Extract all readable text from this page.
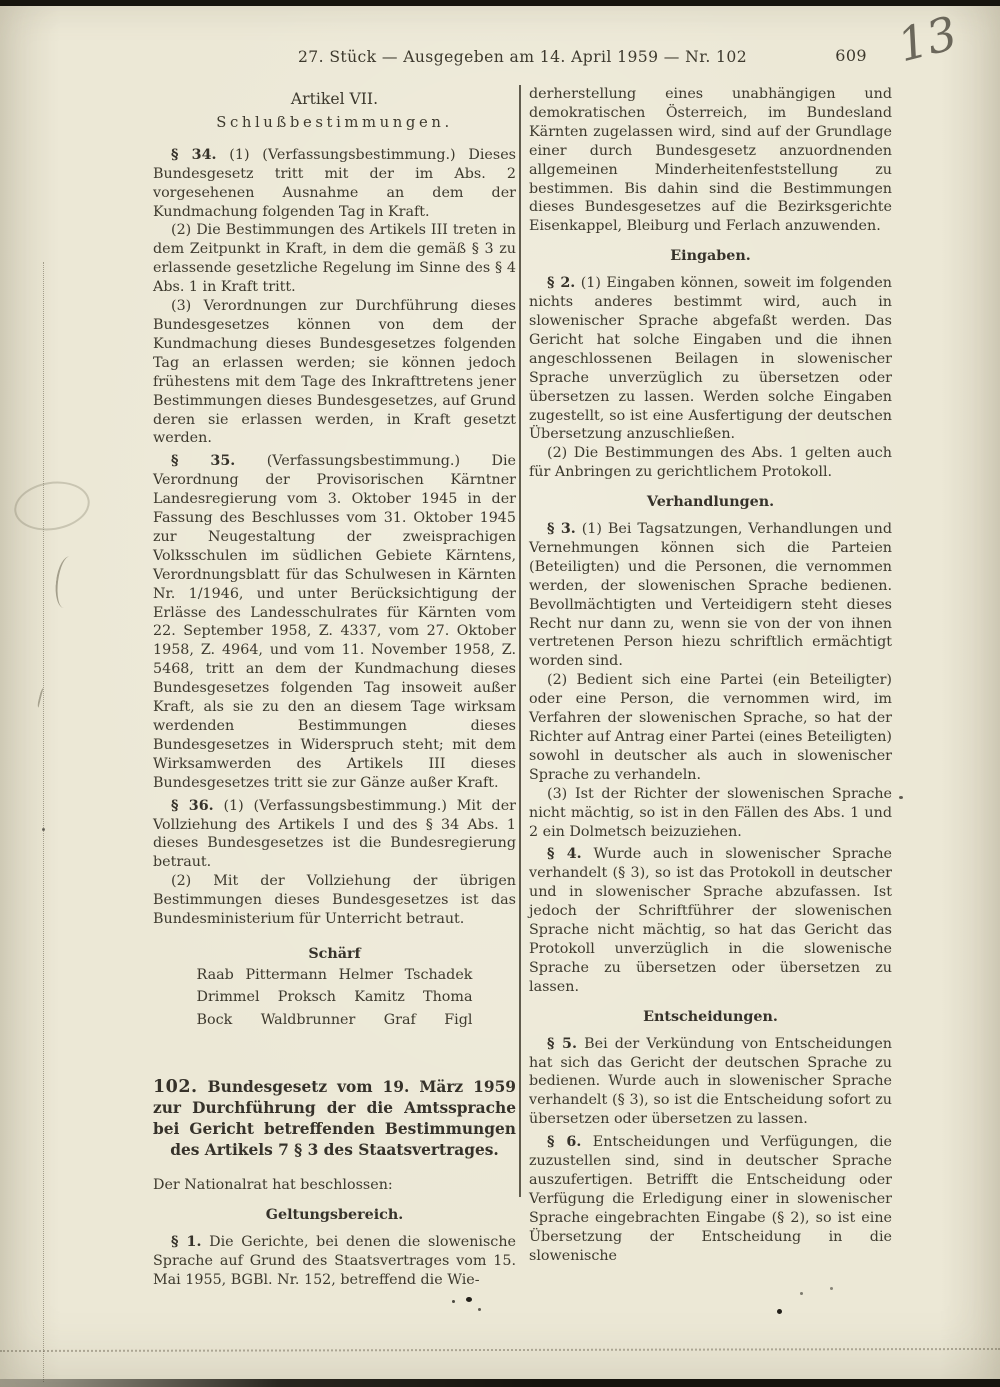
13
27. Stück — Ausgegeben am 14. April 1959 — Nr. 102	609
Artikel VII.
Schlußbestimmungen.
§ 34. (1) (Verfassungsbestimmung.) Dieses Bundesgesetz tritt mit der im Abs. 2 vorgesehenen Ausnahme an dem der Kundmachung folgenden Tag in Kraft.
(2) Die Bestimmungen des Artikels III treten in dem Zeitpunkt in Kraft, in dem die gemäß § 3 zu erlassende gesetzliche Regelung im Sinne des § 4 Abs. 1 in Kraft tritt.
(3) Verordnungen zur Durchführung dieses Bundesgesetzes können von dem der Kundmachung dieses Bundesgesetzes folgenden Tag an erlassen werden; sie können jedoch frühestens mit dem Tage des Inkrafttretens jener Bestimmungen dieses Bundesgesetzes, auf Grund deren sie erlassen werden, in Kraft gesetzt werden.
§ 35. (Verfassungsbestimmung.) Die Verordnung der Provisorischen Kärntner Landesregierung vom 3. Oktober 1945 in der Fassung des Beschlusses vom 31. Oktober 1945 zur Neugestaltung der zweisprachigen Volksschulen im südlichen Gebiete Kärntens, Verordnungsblatt für das Schulwesen in Kärnten Nr. 1/1946, und unter Berücksichtigung der Erlässe des Landesschulrates für Kärnten vom 22. September 1958, Z. 4337, vom 27. Oktober 1958, Z. 4964, und vom 11. November 1958, Z. 5468, tritt an dem der Kundmachung dieses Bundesgesetzes folgenden Tag insoweit außer Kraft, als sie zu den an diesem Tage wirksam werdenden Bestimmungen dieses Bundesgesetzes in Widerspruch steht; mit dem Wirksamwerden des Artikels III dieses Bundesgesetzes tritt sie zur Gänze außer Kraft.
§ 36. (1) (Verfassungsbestimmung.) Mit der Vollziehung des Artikels I und des § 34 Abs. 1 dieses Bundesgesetzes ist die Bundesregierung betraut.
(2) Mit der Vollziehung der übrigen Bestimmungen dieses Bundesgesetzes ist das Bundesministerium für Unterricht betraut.
Schärf
Raab Pittermann Helmer Tschadek
Drimmel Proksch Kamitz Thoma
Bock Waldbrunner Graf Figl
102. Bundesgesetz vom 19. März 1959 zur Durchführung der die Amtssprache bei Gericht betreffenden Bestimmungen des Artikels 7 § 3 des Staatsvertrages.
Der Nationalrat hat beschlossen:
Geltungsbereich.
§ 1. Die Gerichte, bei denen die slowenische Sprache auf Grund des Staatsvertrages vom 15. Mai 1955, BGBl. Nr. 152, betreffend die Wie-
derherstellung eines unabhängigen und demokratischen Österreich, im Bundesland Kärnten zugelassen wird, sind auf der Grundlage einer durch Bundesgesetz anzuordnenden allgemeinen Minderheitenfeststellung zu bestimmen. Bis dahin sind die Bestimmungen dieses Bundesgesetzes auf die Bezirksgerichte Eisenkappel, Bleiburg und Ferlach anzuwenden.
Eingaben.
§ 2. (1) Eingaben können, soweit im folgenden nichts anderes bestimmt wird, auch in slowenischer Sprache abgefaßt werden. Das Gericht hat solche Eingaben und die ihnen angeschlossenen Beilagen in slowenischer Sprache unverzüglich zu übersetzen oder übersetzen zu lassen. Werden solche Eingaben zugestellt, so ist eine Ausfertigung der deutschen Übersetzung anzuschließen.
(2) Die Bestimmungen des Abs. 1 gelten auch für Anbringen zu gerichtlichem Protokoll.
Verhandlungen.
§ 3. (1) Bei Tagsatzungen, Verhandlungen und Vernehmungen können sich die Parteien (Beteiligten) und die Personen, die vernommen werden, der slowenischen Sprache bedienen. Bevollmächtigten und Verteidigern steht dieses Recht nur dann zu, wenn sie von der von ihnen vertretenen Person hiezu schriftlich ermächtigt worden sind.
(2) Bedient sich eine Partei (ein Beteiligter) oder eine Person, die vernommen wird, im Verfahren der slowenischen Sprache, so hat der Richter auf Antrag einer Partei (eines Beteiligten) sowohl in deutscher als auch in slowenischer Sprache zu verhandeln.
(3) Ist der Richter der slowenischen Sprache nicht mächtig, so ist in den Fällen des Abs. 1 und 2 ein Dolmetsch beizuziehen.
§ 4. Wurde auch in slowenischer Sprache verhandelt (§ 3), so ist das Protokoll in deutscher und in slowenischer Sprache abzufassen. Ist jedoch der Schriftführer der slowenischen Sprache nicht mächtig, so hat das Gericht das Protokoll unverzüglich in die slowenische Sprache zu übersetzen oder übersetzen zu lassen.
Entscheidungen.
§ 5. Bei der Verkündung von Entscheidungen hat sich das Gericht der deutschen Sprache zu bedienen. Wurde auch in slowenischer Sprache verhandelt (§ 3), so ist die Entscheidung sofort zu übersetzen oder übersetzen zu lassen.
§ 6. Entscheidungen und Verfügungen, die zuzustellen sind, sind in deutscher Sprache auszufertigen. Betrifft die Entscheidung oder Verfügung die Erledigung einer in slowenischer Sprache eingebrachten Eingabe (§ 2), so ist eine Übersetzung der Entscheidung in die slowenische
